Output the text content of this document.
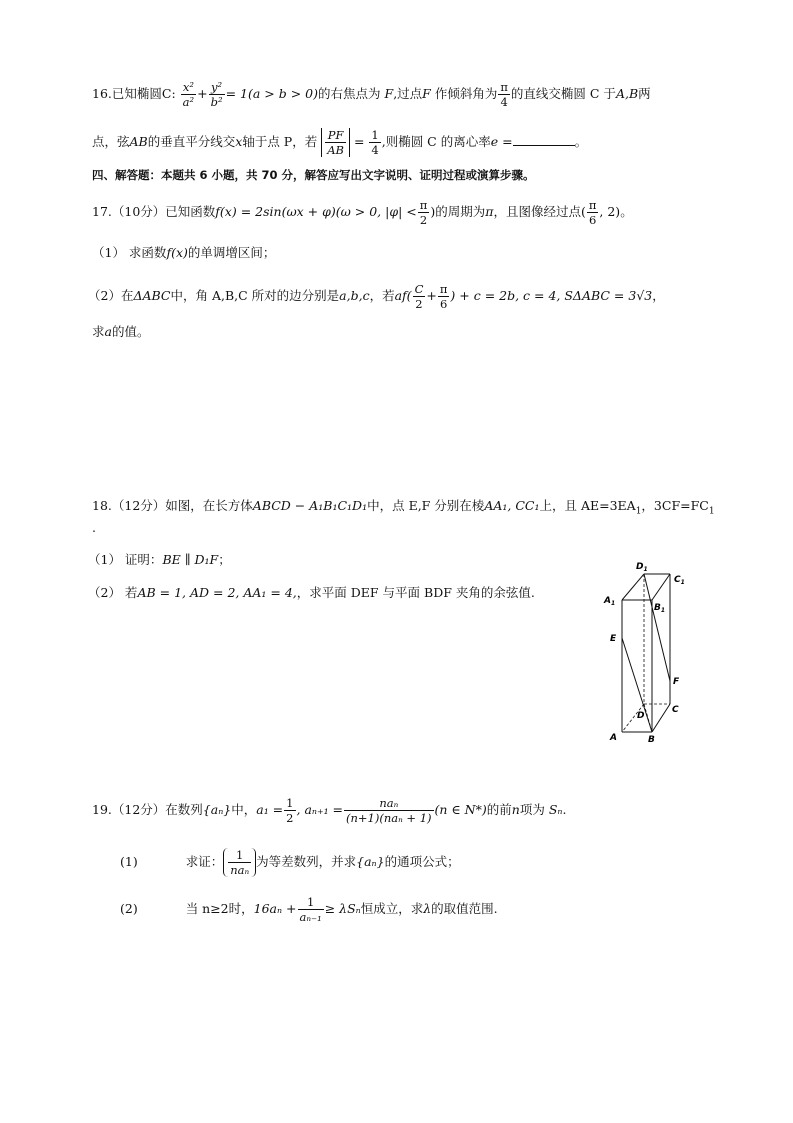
16.已知椭圆C: $\frac{\text{x²}}{\text{a²}} + \frac{\text{y²}}{\text{b²}} = 1(a > b > 0)$的右焦点为 F,过点F 作倾斜角为 $\frac{\pi}{4}$ 的直线交椭圆 C 于A,B两
点，弦AB的垂直平分线交x轴于点 P，若 $\frac{PF}{AB} = \frac{1}{4}$ ,则椭圆 C 的离心率e =	。
四、解答题：本题共 6 小题，共 70 分，解答应写出文字说明、证明过程或演算步骤。
17.（10分）已知函数f(x) = 2sin(ωx + φ)(ω > 0, $|\varphi| < \frac{\pi}{2}$ )的周期为π，且图像经过点( $\frac{\pi}{6}$ , 2)。
（1） 求函数f(x)的单调增区间；
（2）在ΔABC中，角 A,B,C 所对的边分别是a,b,c，若$af( \frac{C}{2} + \frac{\pi}{6}$ ) + c = 2b, c = 4, SΔABC = 3√3，
求a的值。
18.（12分）如图，在长方体ABCD − A₁B₁C₁D₁中，点 E,F 分别在棱AA₁, CC₁上，且 $AE=3EA_1$，$3CF=FC_1$
.
（1） 证明：BE ∥ D₁F；
（2） 若AB = 1, AD = 2, AA₁ = 4,，求平面 DEF 与平面 BDF 夹角的余弦值.
$D_1$
$C_1$
$A_1$	$B_1$
E
F
D
C
A	B
19.（12分）在数列{aₙ}中，$a_1 = \frac{1}{2}$ , $a_{n+1} = \frac{\text{naₙ}}{\text{(n+1)(naₙ + 1)}} (n$ ∈ N*)的前n项为 Sₙ.
(1)	求证： $\frac{1}{\text{naₙ}}$ 为等差数列，并求{aₙ}的通项公式；
(2)	当 n≥2时，$16a_n + \frac{1}{\text{aₙ₋₁}} \ge \lambda S_n$恒成立，求λ的取值范围.
